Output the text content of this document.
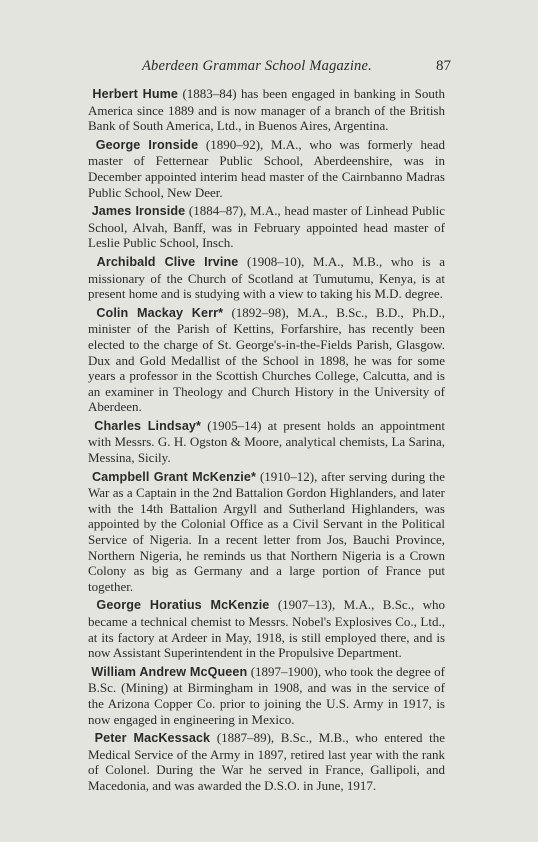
Aberdeen Grammar School Magazine.	87

Herbert Hume (1883–84) has been engaged in banking in South America since 1889 and is now manager of a branch of the British Bank of South America, Ltd., in Buenos Aires, Argentina.

George Ironside (1890–92), M.A., who was formerly head master of Fetternear Public School, Aberdeenshire, was in December appointed interim head master of the Cairnbanno Madras Public School, New Deer.

James Ironside (1884–87), M.A., head master of Linhead Public School, Alvah, Banff, was in February appointed head master of Leslie Public School, Insch.

Archibald Clive Irvine (1908–10), M.A., M.B., who is a missionary of the Church of Scotland at Tumutumu, Kenya, is at present home and is studying with a view to taking his M.D. degree.

Colin Mackay Kerr* (1892–98), M.A., B.Sc., B.D., Ph.D., minister of the Parish of Kettins, Forfarshire, has recently been elected to the charge of St. George's-in-the-Fields Parish, Glasgow. Dux and Gold Medallist of the School in 1898, he was for some years a professor in the Scottish Churches College, Calcutta, and is an examiner in Theology and Church History in the University of Aberdeen.

Charles Lindsay* (1905–14) at present holds an appointment with Messrs. G. H. Ogston & Moore, analytical chemists, La Sarina, Messina, Sicily.

Campbell Grant McKenzie* (1910–12), after serving during the War as a Captain in the 2nd Battalion Gordon Highlanders, and later with the 14th Battalion Argyll and Sutherland Highlanders, was appointed by the Colonial Office as a Civil Servant in the Political Service of Nigeria. In a recent letter from Jos, Bauchi Province, Northern Nigeria, he reminds us that Northern Nigeria is a Crown Colony as big as Germany and a large portion of France put together.

George Horatius McKenzie (1907–13), M.A., B.Sc., who became a technical chemist to Messrs. Nobel's Explosives Co., Ltd., at its factory at Ardeer in May, 1918, is still employed there, and is now Assistant Superintendent in the Propulsive Department.

William Andrew McQueen (1897–1900), who took the degree of B.Sc. (Mining) at Birmingham in 1908, and was in the service of the Arizona Copper Co. prior to joining the U.S. Army in 1917, is now engaged in engineering in Mexico.

Peter MacKessack (1887–89), B.Sc., M.B., who entered the Medical Service of the Army in 1897, retired last year with the rank of Colonel. During the War he served in France, Gallipoli, and Macedonia, and was awarded the D.S.O. in June, 1917.
